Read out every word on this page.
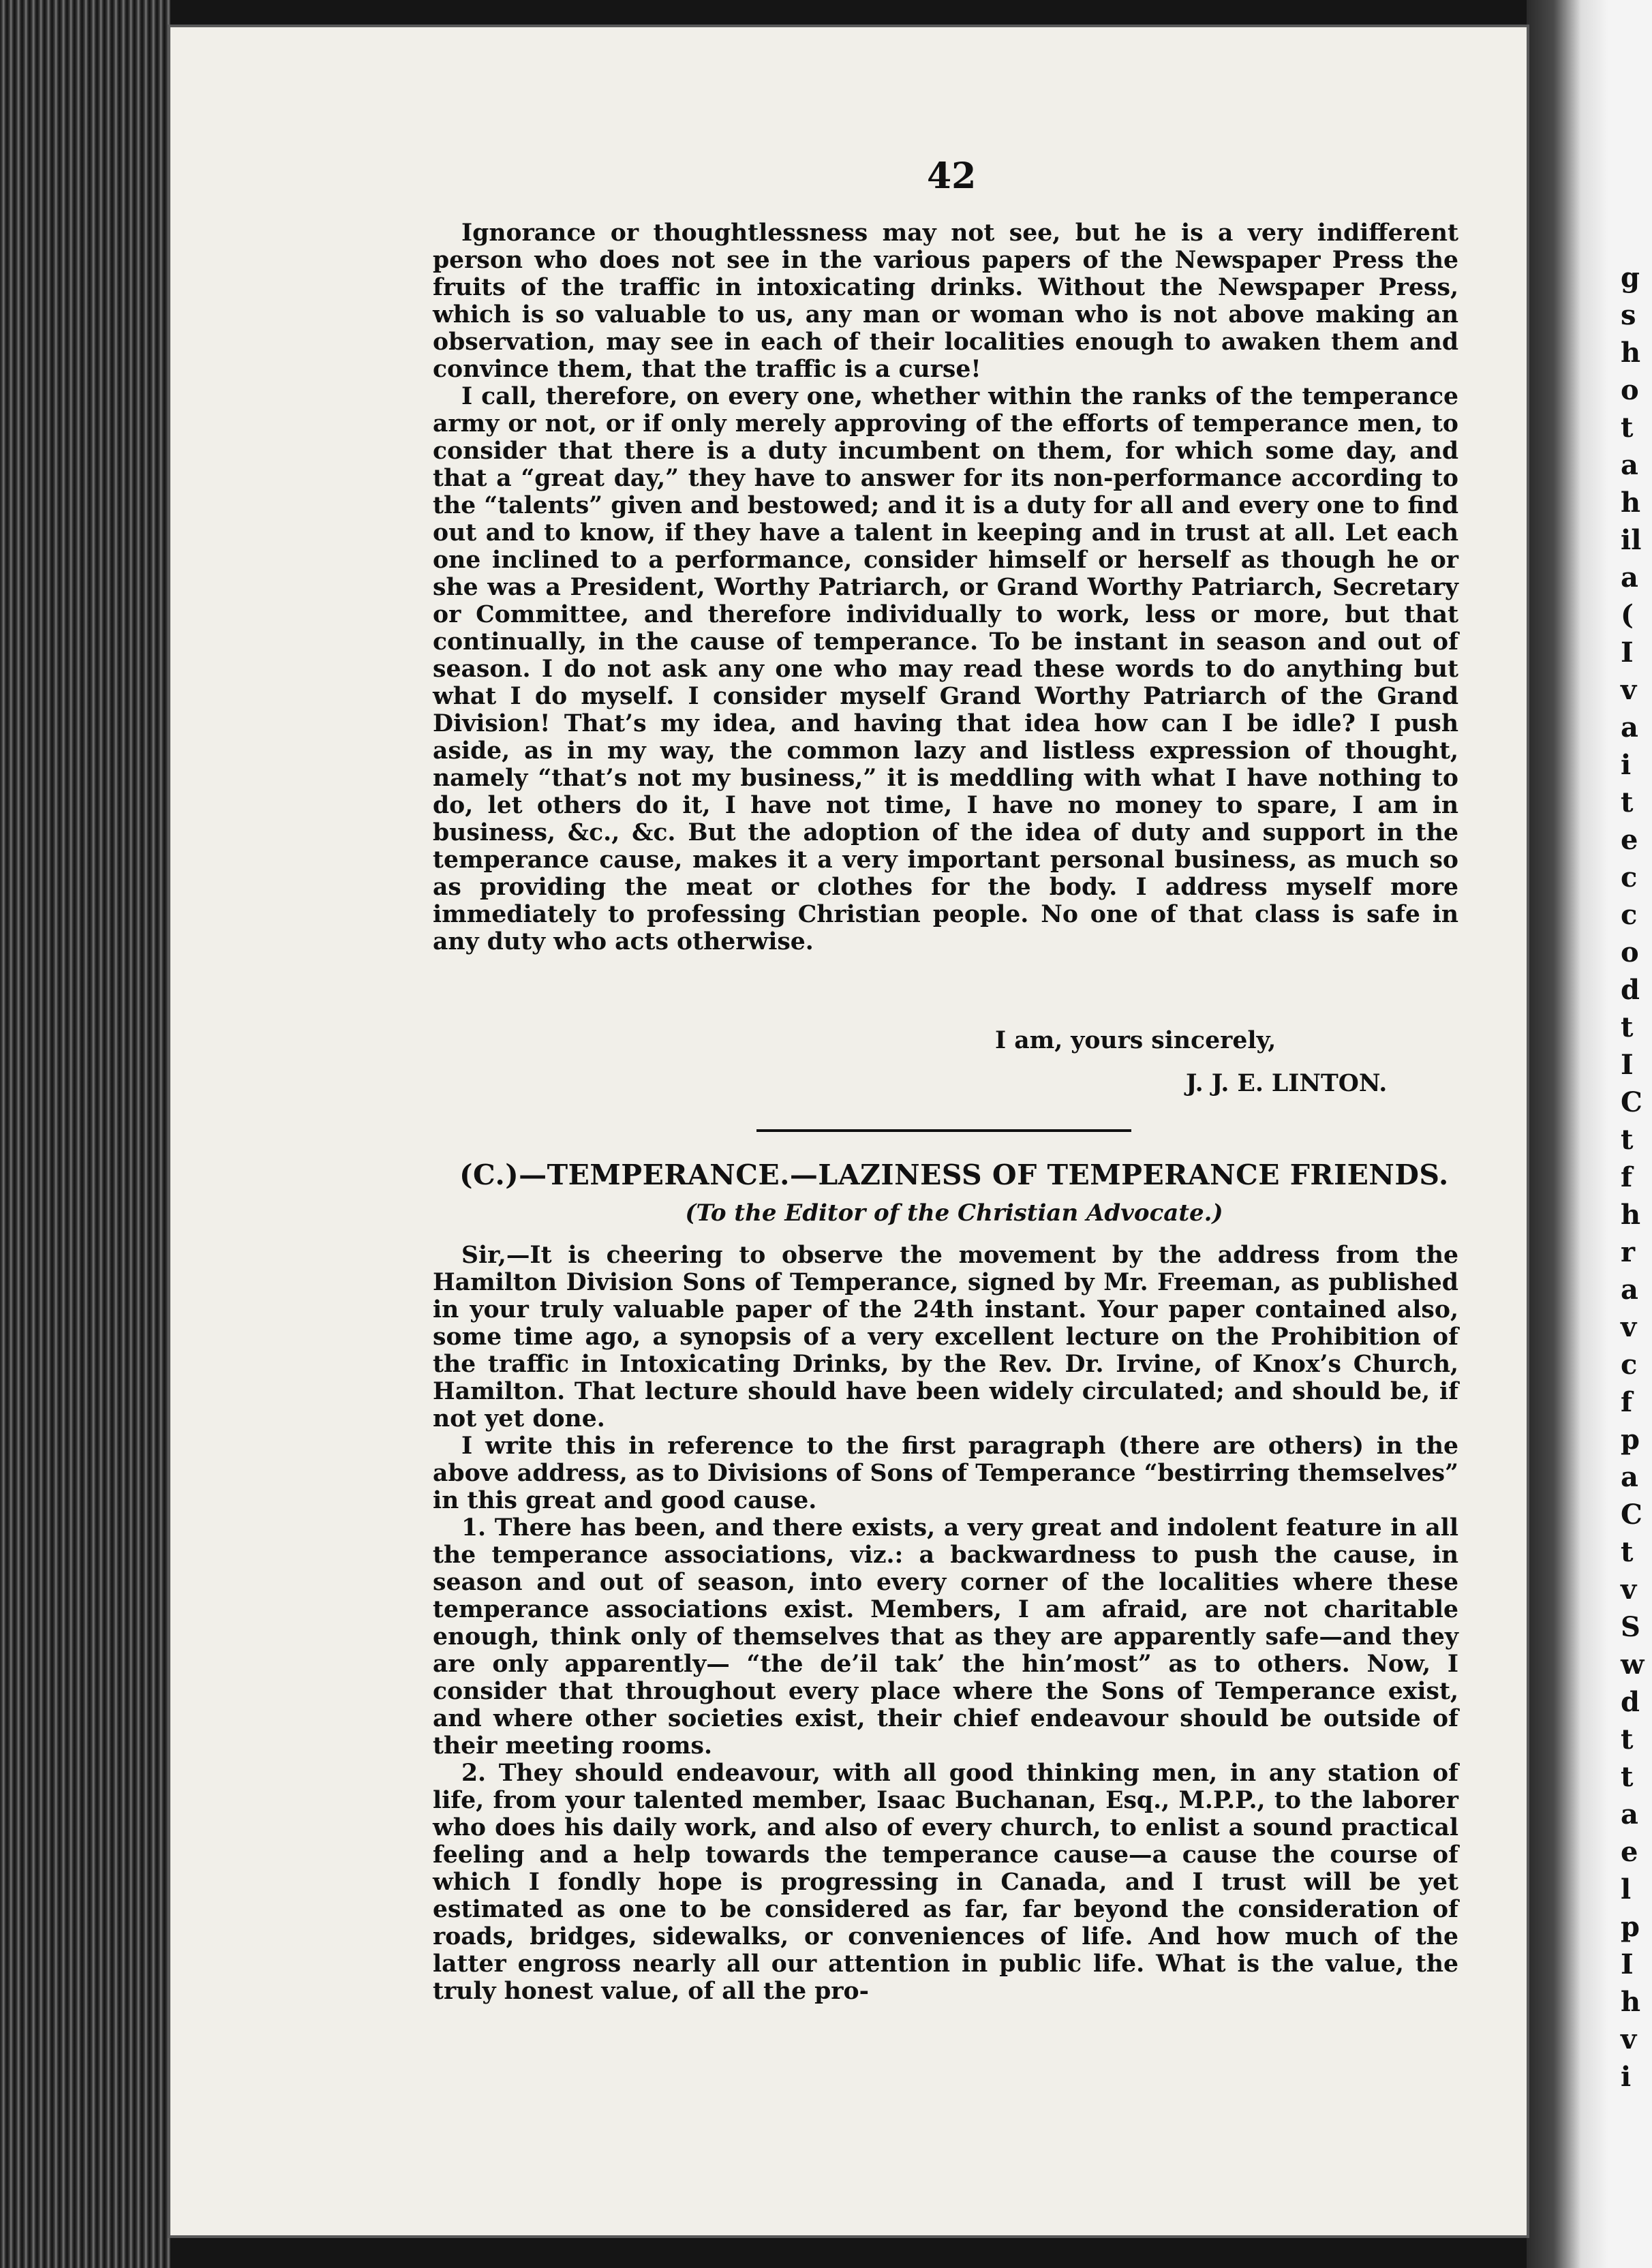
g
s
h
o
t
a
h
il
a
(
I
v
a
i
t
e
c
c
o
d
t
I
C
t
f
h
r
a
v
c
f
p
a
C
t
v
S
w
d
t
t
a
e
l
p
I
h
v
i
42

Ignorance or thoughtlessness may not see, but he is a very indifferent person who does not see in the various papers of the Newspaper Press the fruits of the traffic in intoxicating drinks. Without the Newspaper Press, which is so valuable to us, any man or woman who is not above making an observation, may see in each of their localities enough to awaken them and convince them, that the traffic is a curse!

I call, therefore, on every one, whether within the ranks of the temperance army or not, or if only merely approving of the efforts of temperance men, to consider that there is a duty incumbent on them, for which some day, and that a “great day,” they have to answer for its non-performance according to the “talents” given and bestowed; and it is a duty for all and every one to find out and to know, if they have a talent in keeping and in trust at all. Let each one inclined to a performance, consider himself or herself as though he or she was a President, Worthy Patriarch, or Grand Worthy Patriarch, Secretary or Committee, and therefore individually to work, less or more, but that continually, in the cause of temperance. To be instant in season and out of season. I do not ask any one who may read these words to do anything but what I do myself. I consider myself Grand Worthy Patriarch of the Grand Division! That’s my idea, and having that idea how can I be idle? I push aside, as in my way, the common lazy and listless expression of thought, namely “that’s not my business,” it is meddling with what I have nothing to do, let others do it, I have not time, I have no money to spare, I am in business, &c., &c. But the adoption of the idea of duty and support in the temperance cause, makes it a very important personal business, as much so as providing the meat or clothes for the body. I address myself more immediately to professing Christian people. No one of that class is safe in any duty who acts otherwise.

I am, yours sincerely,
J. J. E. LINTON.
(C.)—TEMPERANCE.—LAZINESS OF TEMPERANCE FRIENDS.
(To the Editor of the Christian Advocate.)

Sir,—It is cheering to observe the movement by the address from the Hamilton Division Sons of Temperance, signed by Mr. Freeman, as published in your truly valuable paper of the 24th instant. Your paper contained also, some time ago, a synopsis of a very excellent lecture on the Prohibition of the traffic in Intoxicating Drinks, by the Rev. Dr. Irvine, of Knox’s Church, Hamilton. That lecture should have been widely circulated; and should be, if not yet done.

I write this in reference to the first paragraph (there are others) in the above address, as to Divisions of Sons of Temperance “bestirring themselves” in this great and good cause.

1. There has been, and there exists, a very great and indolent feature in all the temperance associations, viz.: a backwardness to push the cause, in season and out of season, into every corner of the localities where these temperance associations exist. Members, I am afraid, are not charitable enough, think only of themselves that as they are apparently safe—and they are only apparently— “the de’il tak’ the hin’most” as to others. Now, I consider that throughout every place where the Sons of Temperance exist, and where other societies exist, their chief endeavour should be outside of their meeting rooms.

2. They should endeavour, with all good thinking men, in any station of life, from your talented member, Isaac Buchanan, Esq., M.P.P., to the laborer who does his daily work, and also of every church, to enlist a sound practical feeling and a help towards the temperance cause—a cause the course of which I fondly hope is progressing in Canada, and I trust will be yet estimated as one to be considered as far, far beyond the consideration of roads, bridges, sidewalks, or conveniences of life. And how much of the latter engross nearly all our attention in public life. What is the value, the truly honest value, of all the pro-
